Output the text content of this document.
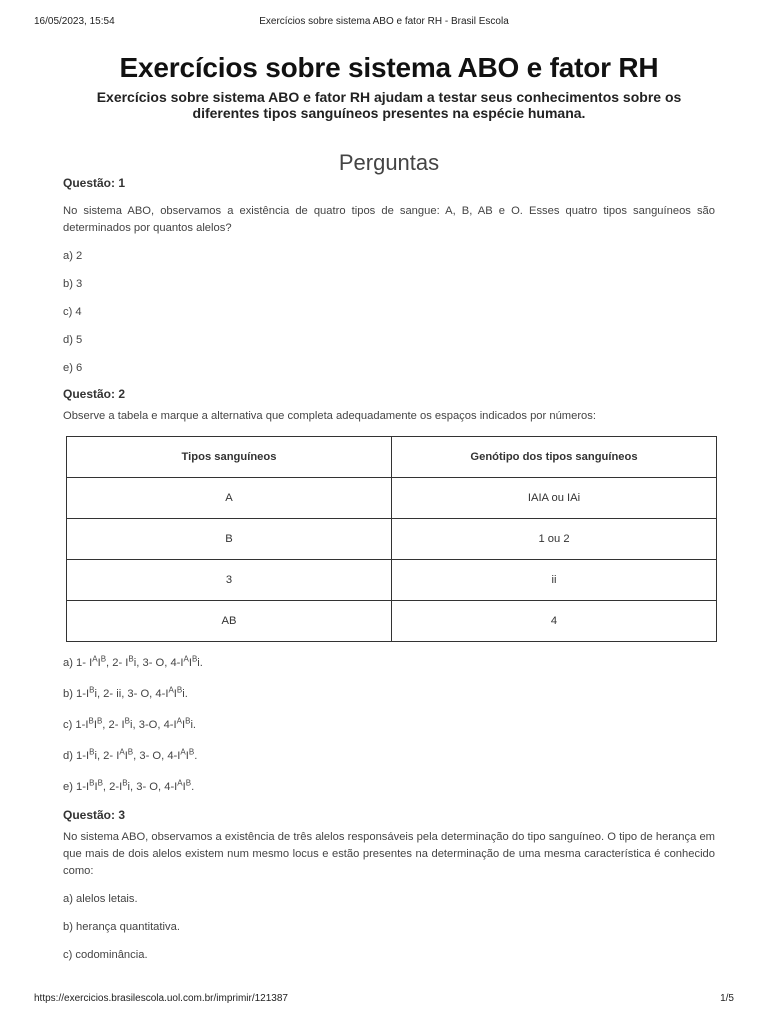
16/05/2023, 15:54	Exercícios sobre sistema ABO e fator RH - Brasil Escola
Exercícios sobre sistema ABO e fator RH

Exercícios sobre sistema ABO e fator RH ajudam a testar seus conhecimentos sobre os diferentes tipos sanguíneos presentes na espécie humana.

Perguntas

Questão: 1

No sistema ABO, observamos a existência de quatro tipos de sangue: A, B, AB e O. Esses quatro tipos sanguíneos são determinados por quantos alelos?

a) 2

b) 3

c) 4

d) 5

e) 6

Questão: 2

Observe a tabela e marque a alternativa que completa adequadamente os espaços indicados por números:

Tipos sanguíneos	Genótipo dos tipos sanguíneos
A	IAIA ou IAi
B	1 ou 2
3	ii
AB	4

a) 1- $I^AI^B$, 2- $I^Bi$, 3- O, $4-I^AI^Bi$.

b) $1-I^Bi$, 2- ii, 3- O, $4-I^AI^Bi$.

c) $1-I^BI^B$, 2- $I^Bi$, 3-O, $4-I^AI^Bi$.

d) $1-I^Bi$, 2- $I^AI^B$, 3- O, $4-I^AI^B$.

e) $1-I^BI^B$, $2-I^Bi$, 3- O, $4-I^AI^B$.

Questão: 3

No sistema ABO, observamos a existência de três alelos responsáveis pela determinação do tipo sanguíneo. O tipo de herança em que mais de dois alelos existem num mesmo locus e estão presentes na determinação de uma mesma característica é conhecido como:

a) alelos letais.

b) herança quantitativa.

c) codominância.

https://exercicios.brasilescola.uol.com.br/imprimir/121387	1/5
